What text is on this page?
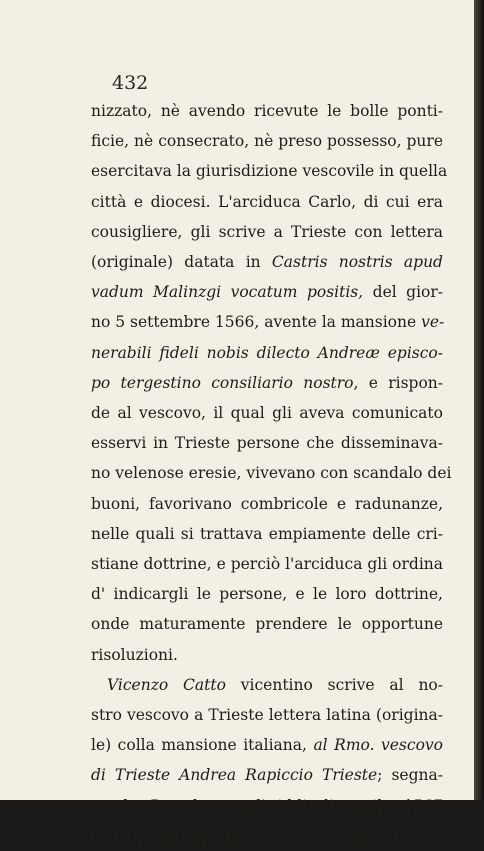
432
nizzato, nè avendo ricevute le bolle ponti-
ficie, nè consecrato, nè preso possesso, pure
esercitava la giurisdizione vescovile in quella
città e diocesi. L'arciduca Carlo, di cui era
cousigliere, gli scrive a Trieste con lettera
(originale) datata in Castris nostris apud
vadum Malinzgi vocatum positis, del gior-
no 5 settembre 1566, avente la mansione ve-
nerabili fideli nobis dilecto Andreæ episco-
po tergestino consiliario nostro, e rispon-
de al vescovo, il qual gli aveva comunicato
esservi in Trieste persone che disseminava-
no velenose eresie, vivevano con scandalo dei
buoni, favorivano combricole e radunanze,
nelle quali si trattava empiamente delle cri-
stiane dottrine, e perciò l'arciduca gli ordina
d' indicargli le persone, e le loro dottrine,
onde maturamente prendere le opportune
risoluzioni.
Vicenzo Catto vicentino scrive al no-
stro vescovo a Trieste lettera latina (origina-
le) colla mansione italiana, al Rmo. vescovo
di Trieste Andrea Rapiccio Trieste; segna-
ta da Pratalea negl' iddi di aprile 1567
colla quale risponde al nostro Rapiccio di
